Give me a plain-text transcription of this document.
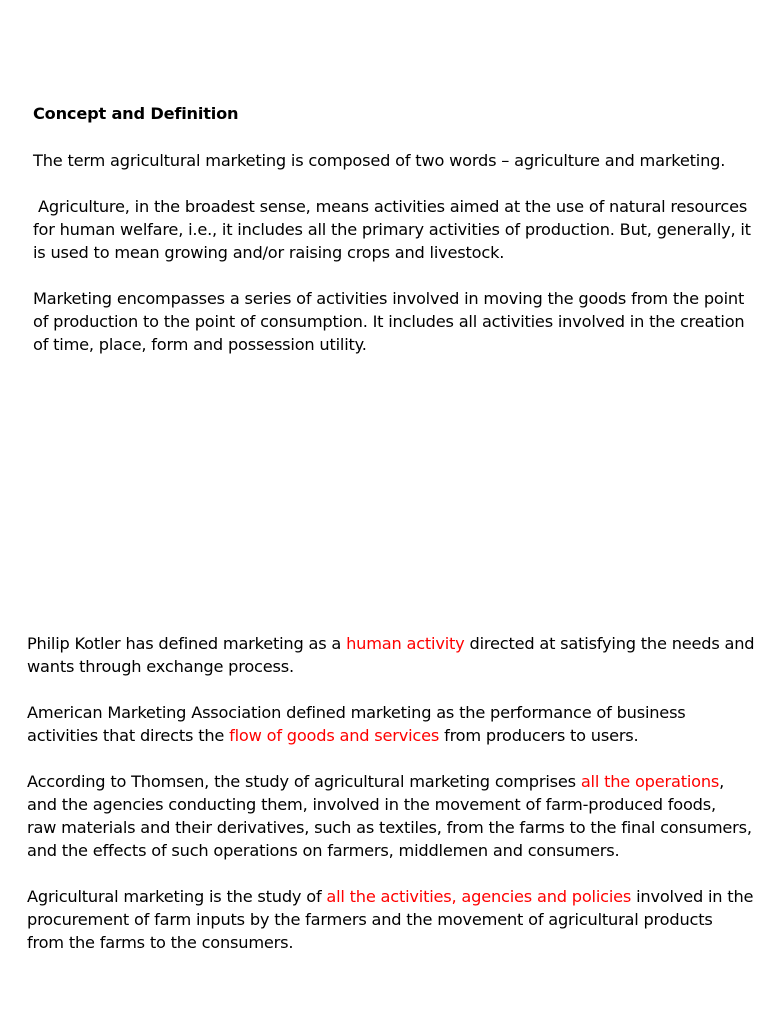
Concept and Definition

The term agricultural marketing is composed of two words – agriculture and marketing.

Agriculture, in the broadest sense, means activities aimed at the use of natural resources
for human welfare, i.e., it includes all the primary activities of production. But, generally, it
is used to mean growing and/or raising crops and livestock.

Marketing encompasses a series of activities involved in moving the goods from the point
of production to the point of consumption. It includes all activities involved in the creation
of time, place, form and possession utility.

Philip Kotler has defined marketing as a human activity directed at satisfying the needs and
wants through exchange process.

American Marketing Association defined marketing as the performance of business
activities that directs the flow of goods and services from producers to users.

According to Thomsen, the study of agricultural marketing comprises all the operations,
and the agencies conducting them, involved in the movement of farm-produced foods,
raw materials and their derivatives, such as textiles, from the farms to the final consumers,
and the effects of such operations on farmers, middlemen and consumers.

Agricultural marketing is the study of all the activities, agencies and policies involved in the
procurement of farm inputs by the farmers and the movement of agricultural products
from the farms to the consumers.
